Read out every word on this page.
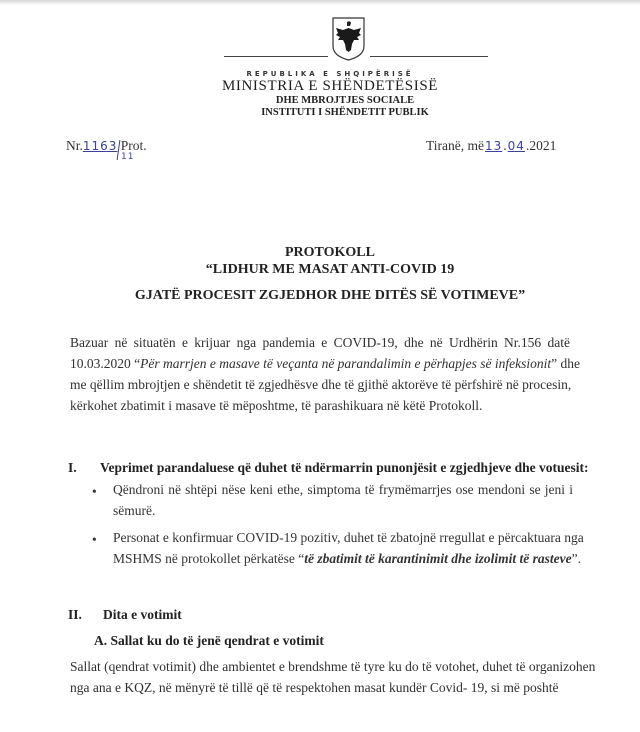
REPUBLIKA E SHQIPËRISË
MINISTRIA E SHËNDETËSISË
DHE MBROJTJES SOCIALE
INSTITUTI I SHËNDETIT PUBLIK
Nr.1163 Prot.
11
Tiranë, më13.04.2021
PROTOKOLL
“LIDHUR ME MASAT ANTI-COVID 19
GJATË PROCESIT ZGJEDHOR DHE DITËS SË VOTIMEVE”
Bazuar në situatën e krijuar nga pandemia e COVID-19, dhe në Urdhërin Nr.156 datë
10.03.2020 “Për marrjen e masave të veçanta në parandalimin e përhapjes së infeksionit” dhe
me qëllim mbrojtjen e shëndetit të zgjedhësve dhe të gjithë aktorëve të përfshirë në procesin,
kërkohet zbatimit i masave të mëposhtme, të parashikuara në këtë Protokoll.
I. Veprimet parandaluese që duhet të ndërmarrin punonjësit e zgjedhjeve dhe votuesit:
• Qëndroni në shtëpi nëse keni ethe, simptoma të frymëmarrjes ose mendoni se jeni i
sëmurë.
• Personat e konfirmuar COVID-19 pozitiv, duhet të zbatojnë rregullat e përcaktuara nga
MSHMS në protokollet përkatëse “të zbatimit të karantinimit dhe izolimit të rasteve”.
II. Dita e votimit
A. Sallat ku do të jenë qendrat e votimit
Sallat (qendrat votimit) dhe ambientet e brendshme të tyre ku do të votohet, duhet të organizohen
nga ana e KQZ, në mënyrë të tillë që të respektohen masat kundër Covid- 19, si më poshtë
